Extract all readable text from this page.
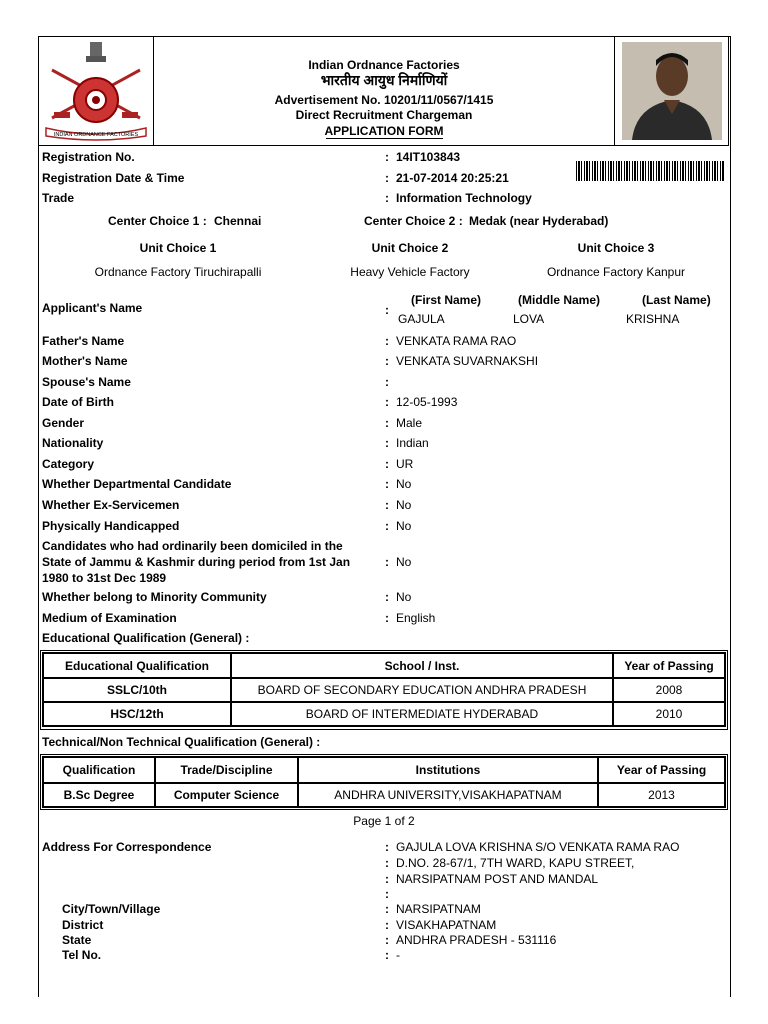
INDIAN ORDNANCE FACTORIES
Indian Ordnance Factories
भारतीय आयुध निर्माणियों
Advertisement No. 10201/11/0567/1415
Direct Recruitment Chargeman
APPLICATION FORM
Registration No.	: 14IT103843
Registration Date & Time	: 21-07-2014 20:25:21
Trade	: Information Technology
Center Choice 1 : Chennai	Center Choice 2 : Medak (near Hyderabad)
Unit Choice 1	Unit Choice 2	Unit Choice 3
Ordnance Factory Tiruchirapalli	Heavy Vehicle Factory	Ordnance Factory Kanpur
Applicant's Name	:
(First Name)	(Middle Name)	(Last Name)
GAJULA	LOVA	KRISHNA
Father's Name	: VENKATA RAMA RAO
Mother's Name	: VENKATA SUVARNAKSHI
Spouse's Name	:
Date of Birth	: 12-05-1993
Gender	: Male
Nationality	: Indian
Category	: UR
Whether Departmental Candidate	: No
Whether Ex-Servicemen	: No
Physically Handicapped	: No
Candidates who had ordinarily been domiciled in the
State of Jammu & Kashmir during period from 1st Jan
1980 to 31st Dec 1989
: No
Whether belong to Minority Community	: No
Medium of Examination	: English
Educational Qualification (General) :
Educational Qualification	School / Inst.	Year of Passing
SSLC/10th	BOARD OF SECONDARY EDUCATION ANDHRA PRADESH	2008
HSC/12th	BOARD OF INTERMEDIATE HYDERABAD	2010
Technical/Non Technical Qualification (General) :
Qualification	Trade/Discipline	Institutions	Year of Passing
B.Sc Degree	Computer Science	ANDHRA UNIVERSITY,VISAKHAPATNAM	2013
Page 1 of 2
Address For Correspondence	: GAJULA LOVA KRISHNA S/O VENKATA RAMA RAO
: D.NO. 28-67/1, 7TH WARD, KAPU STREET,
: NARSIPATNAM POST AND MANDAL
:
City/Town/Village	: NARSIPATNAM
District	: VISAKHAPATNAM
State	: ANDHRA PRADESH - 531116
Tel No.	: -
